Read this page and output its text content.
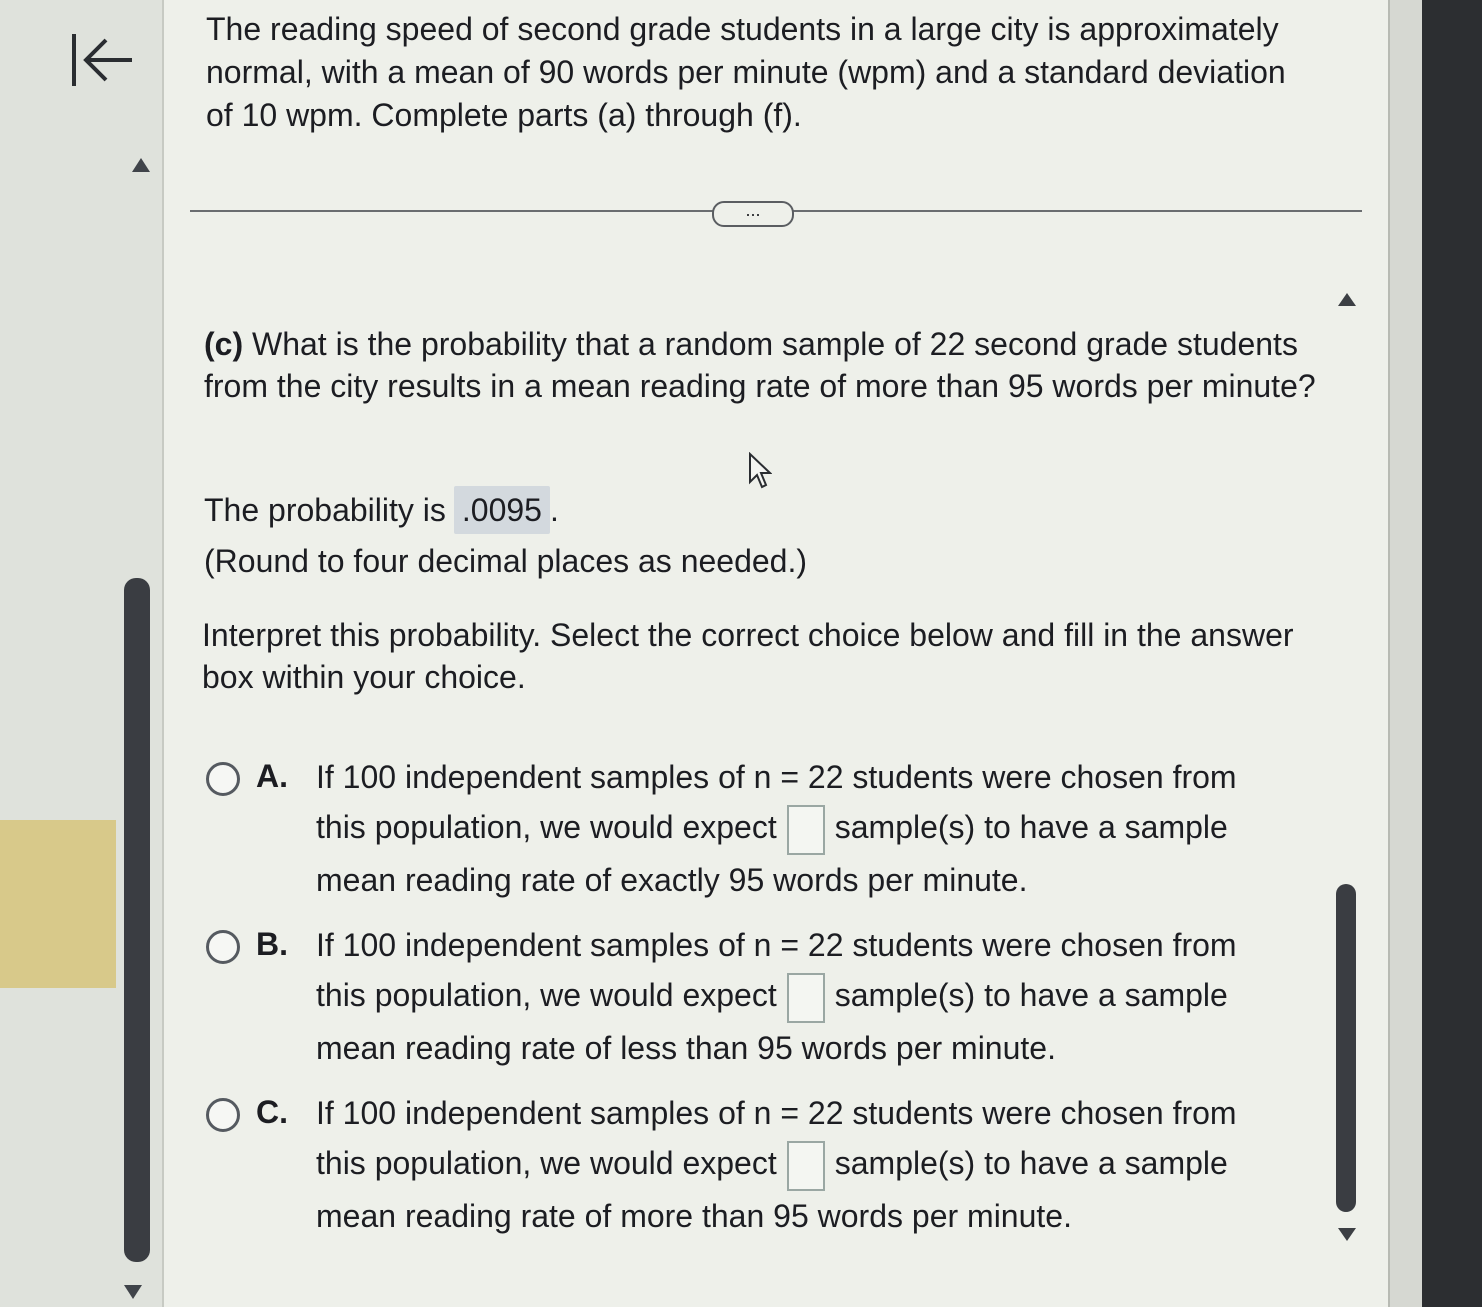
The reading speed of second grade students in a large city is approximately normal, with a mean of 90 words per minute (wpm) and a standard deviation of 10 wpm. Complete parts (a) through (f).

...

(c) What is the probability that a random sample of 22 second grade students from the city results in a mean reading rate of more than 95 words per minute?

The probability is .0095 .
(Round to four decimal places as needed.)

Interpret this probability. Select the correct choice below and fill in the answer box within your choice.

A. If 100 independent samples of n = 22 students were chosen from this population, we would expect sample(s) to have a sample mean reading rate of exactly 95 words per minute.
B. If 100 independent samples of n = 22 students were chosen from this population, we would expect sample(s) to have a sample mean reading rate of less than 95 words per minute.
C. If 100 independent samples of n = 22 students were chosen from this population, we would expect sample(s) to have a sample mean reading rate of more than 95 words per minute.
